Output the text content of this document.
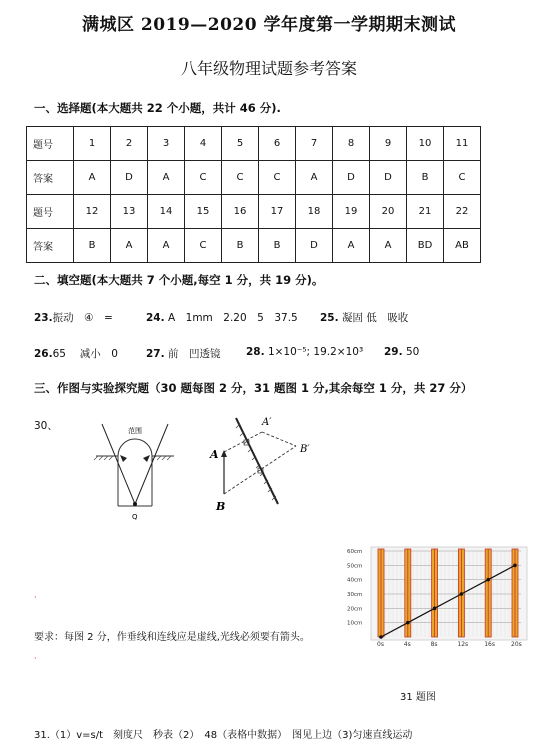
满城区 2019—2020 学年度第一学期期末测试
八年级物理试题参考答案
一、选择题(本大题共 22 个小题，共计 46 分).
题号	1	2	3	4	5	6	7	8	9	10	11
答案	A	D	A	C	C	C	A	D	D	B	C
题号	12	13	14	15	16	17	18	19	20	21	22
答案	B	A	A	C	B	B	D	A	A	BD	AB
二、填空题(本大题共 7 个小题,每空 1 分，共 19 分)。
23.振动　④　=	24. A　1mm　2.20　5　37.5 25. 凝固 低　吸收
26.65　 减小　0	27. 前　凹透镜 28. 1×10⁻⁵; 19.2×10³ 29. 50
三、作图与实验探究题（30 题每图 2 分，31 题图 1 分,其余每空 1 分，共 27 分）
30、	范围
Q
A
B
A′
B′
10cm
20cm
30cm
40cm
50cm
60cm
0s	4s	8s	12s	16s	20s
·
要求：每图 2 分，作垂线和连线应是虚线,光线必须要有箭头。
·
31 题图
31.（1）v=s/t　刻度尺　秒表（2）　48（表格中数据）　图见上边（3)匀速直线运动
